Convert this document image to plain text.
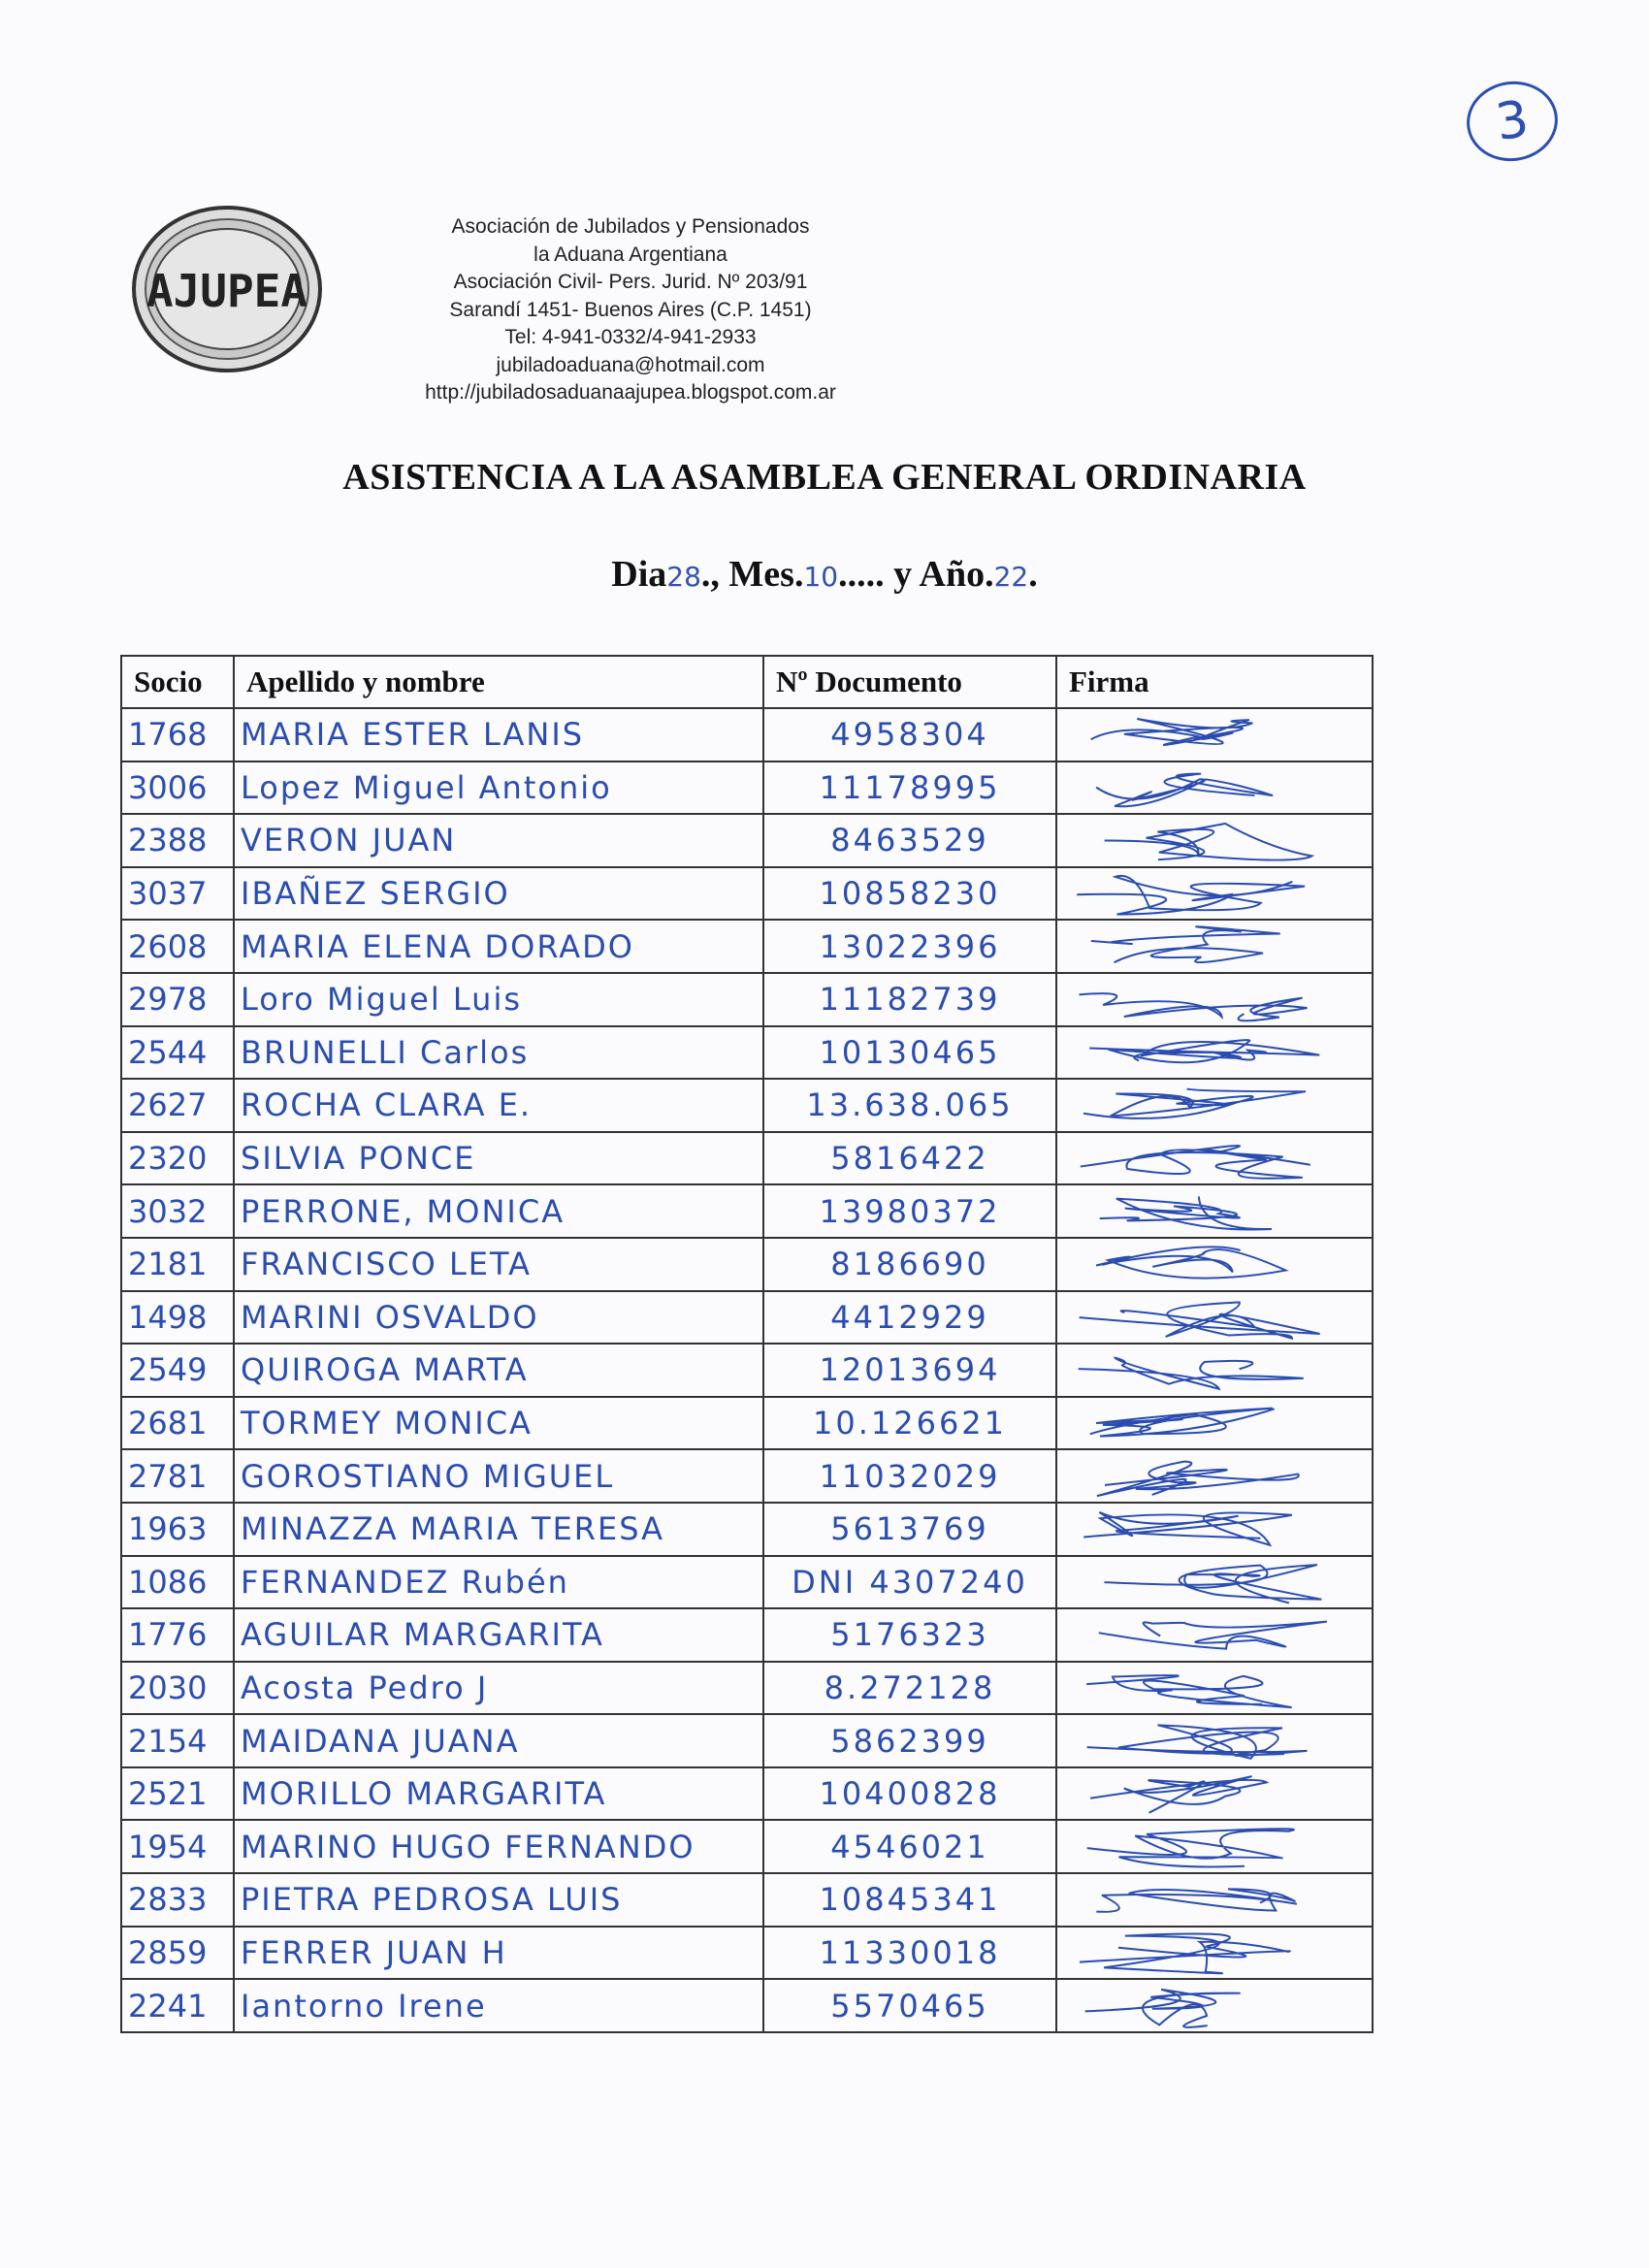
3
AJUPEA
Asociación de Jubilados y Pensionados
la Aduana Argentiana
Asociación Civil- Pers. Jurid. Nº 203/91
Sarandí 1451- Buenos Aires (C.P. 1451)
Tel: 4-941-0332/4-941-2933
jubiladoaduana@hotmail.com
http://jubiladosaduanaajupea.blogspot.com.ar
ASISTENCIA A LA ASAMBLEA GENERAL ORDINARIA
Dia28., Mes.10..... y Año.22.
Socio	Apellido y nombre	Nº Documento	Firma
1768	MARIA ESTER LANIS	4958304	

3006	Lopez Miguel Antonio	11178995	

2388	VERON JUAN	8463529	

3037	IBAÑEZ SERGIO	10858230	

2608	MARIA ELENA DORADO	13022396	

2978	Loro Miguel Luis	11182739	

2544	BRUNELLI Carlos	10130465	

2627	ROCHA CLARA E.	13.638.065	

2320	SILVIA PONCE	5816422	

3032	PERRONE, MONICA	13980372	

2181	FRANCISCO LETA	8186690	

1498	MARINI OSVALDO	4412929	

2549	QUIROGA MARTA	12013694	

2681	TORMEY MONICA	10.126621	

2781	GOROSTIANO MIGUEL	11032029	

1963	MINAZZA MARIA TERESA	5613769	

1086	FERNANDEZ Rubén	DNI 4307240	

1776	AGUILAR MARGARITA	5176323	

2030	Acosta Pedro J	8.272128	

2154	MAIDANA JUANA	5862399	

2521	MORILLO MARGARITA	10400828	

1954	MARINO HUGO FERNANDO	4546021	

2833	PIETRA PEDROSA LUIS	10845341	

2859	FERRER JUAN H	11330018	

2241	Iantorno Irene	5570465	
